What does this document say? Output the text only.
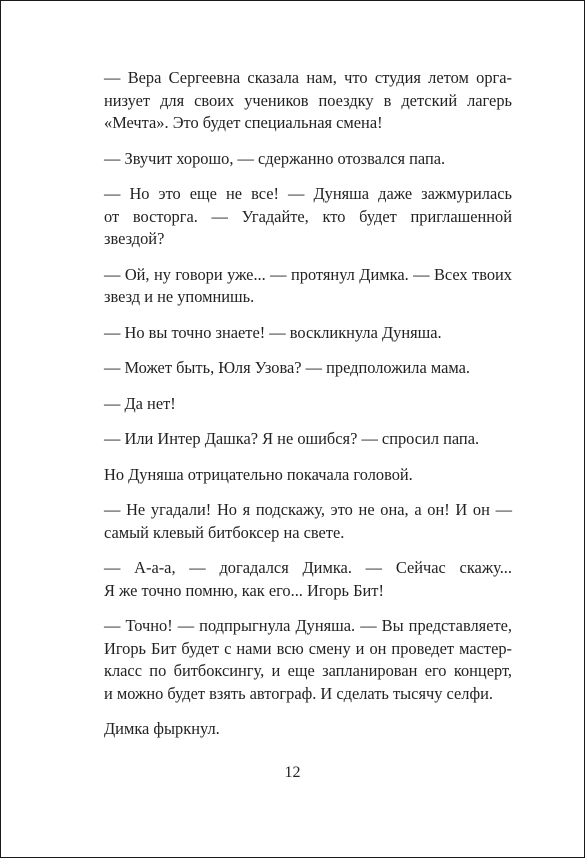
— Вера Сергеевна сказала нам, что студия летом орга-
низует для своих учеников поездку в детский лагерь
«Мечта». Это будет специальная смена!
— Звучит хорошо, — сдержанно отозвался папа.
— Но это еще не все! — Дуняша даже зажмурилась
от восторга. — Угадайте, кто будет приглашенной
звездой?
— Ой, ну говори уже... — протянул Димка. — Всех твоих
звезд и не упомнишь.
— Но вы точно знаете! — воскликнула Дуняша.
— Может быть, Юля Узова? — предположила мама.
— Да нет!
— Или Интер Дашка? Я не ошибся? — спросил папа.
Но Дуняша отрицательно покачала головой.
— Не угадали! Но я подскажу, это не она, а он! И он —
самый клевый битбоксер на свете.
— А-а-а, — догадался Димка. — Сейчас скажу...
Я же точно помню, как его... Игорь Бит!
— Точно! — подпрыгнула Дуняша. — Вы представляете,
Игорь Бит будет с нами всю смену и он проведет мастер-
класс по битбоксингу, и еще запланирован его концерт,
и можно будет взять автограф. И сделать тысячу селфи.
Димка фыркнул.
12
